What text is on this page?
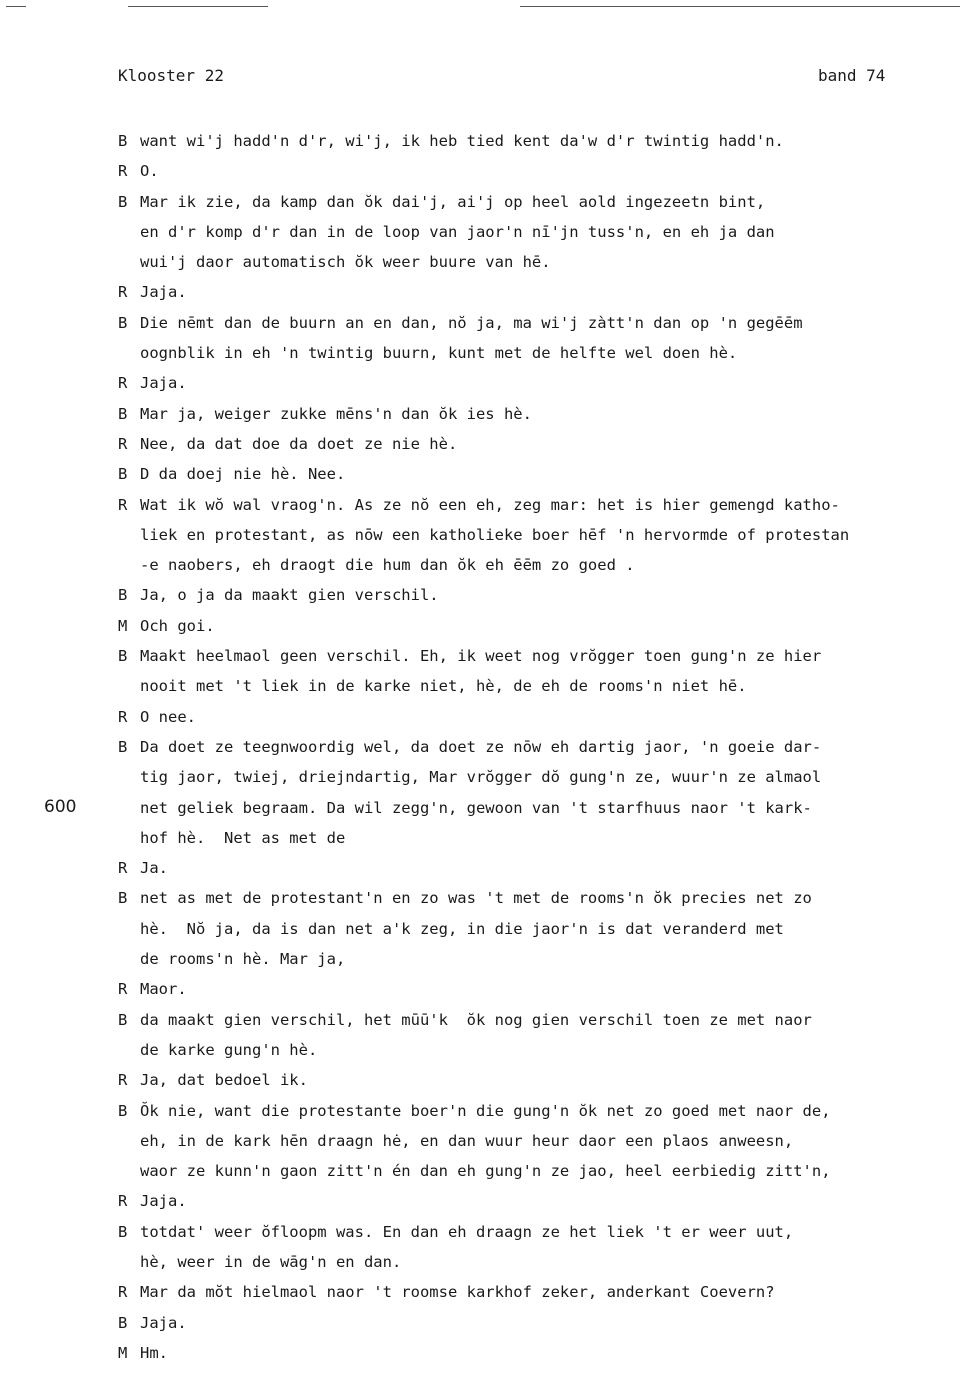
Klooster 22	band 74
600
B want wi'j hadd'n d'r, wi'j, ik heb tied kent da'w d'r twintig hadd'n.
R O.
B Mar ik zie, da kamp dan ŏk dai'j, ai'j op heel aold ingezeetn bint,
en d'r komp d'r dan in de loop van jaor'n nī'jn tuss'n, en eh ja dan
wui'j daor automatisch ŏk weer buure van hē.
R Jaja.
B Die nēmt dan de buurn an en dan, nŏ ja, ma wi'j zàtt'n dan op 'n gegēēm
oognblik in eh 'n twintig buurn, kunt met de helfte wel doen hè.
R Jaja.
B Mar ja, weiger zukke mēns'n dan ŏk ies hè.
R Nee, da dat doe da doet ze nie hè.
B D da doej nie hè. Nee.
R Wat ik wŏ wal vraog'n. As ze nŏ een eh, zeg mar: het is hier gemengd katho-
liek en protestant, as nōw een katholieke boer hēf 'n hervormde of protestan
-e naobers, eh draogt die hum dan ŏk eh ēēm zo goed .
B Ja, o ja da maakt gien verschil.
M Och goi.
B Maakt heelmaol geen verschil. Eh, ik weet nog vrŏgger toen gung'n ze hier
nooit met 't liek in de karke niet, hè, de eh de rooms'n niet hē.
R O nee.
B Da doet ze teegnwoordig wel, da doet ze nōw eh dartig jaor, 'n goeie dar-
tig jaor, twiej, driejndartig, Mar vrŏgger dŏ gung'n ze, wuur'n ze almaol
net geliek begraam. Da wil zegg'n, gewoon van 't starfhuus naor 't kark-
hof hè.  Net as met de
R Ja.
B net as met de protestant'n en zo was 't met de rooms'n ŏk precies net zo
hè.  Nŏ ja, da is dan net a'k zeg, in die jaor'n is dat veranderd met
de rooms'n hè. Mar ja,
R Maor.
B da maakt gien verschil, het mūū'k  ŏk nog gien verschil toen ze met naor
de karke gung'n hè.
R Ja, dat bedoel ik.
B Ŏk nie, want die protestante boer'n die gung'n ŏk net zo goed met naor de,
eh, in de kark hēn draagn hė, en dan wuur heur daor een plaos anweesn,
waor ze kunn'n gaon zitt'n én dan eh gung'n ze jao, heel eerbiedig zitt'n,
R Jaja.
B totdat' weer ŏfloopm was. En dan eh draagn ze het liek 't er weer uut,
hè, weer in de wāg'n en dan.
R Mar da mŏt hielmaol naor 't roomse karkhof zeker, anderkant Coevern?
B Jaja.
M Hm.
